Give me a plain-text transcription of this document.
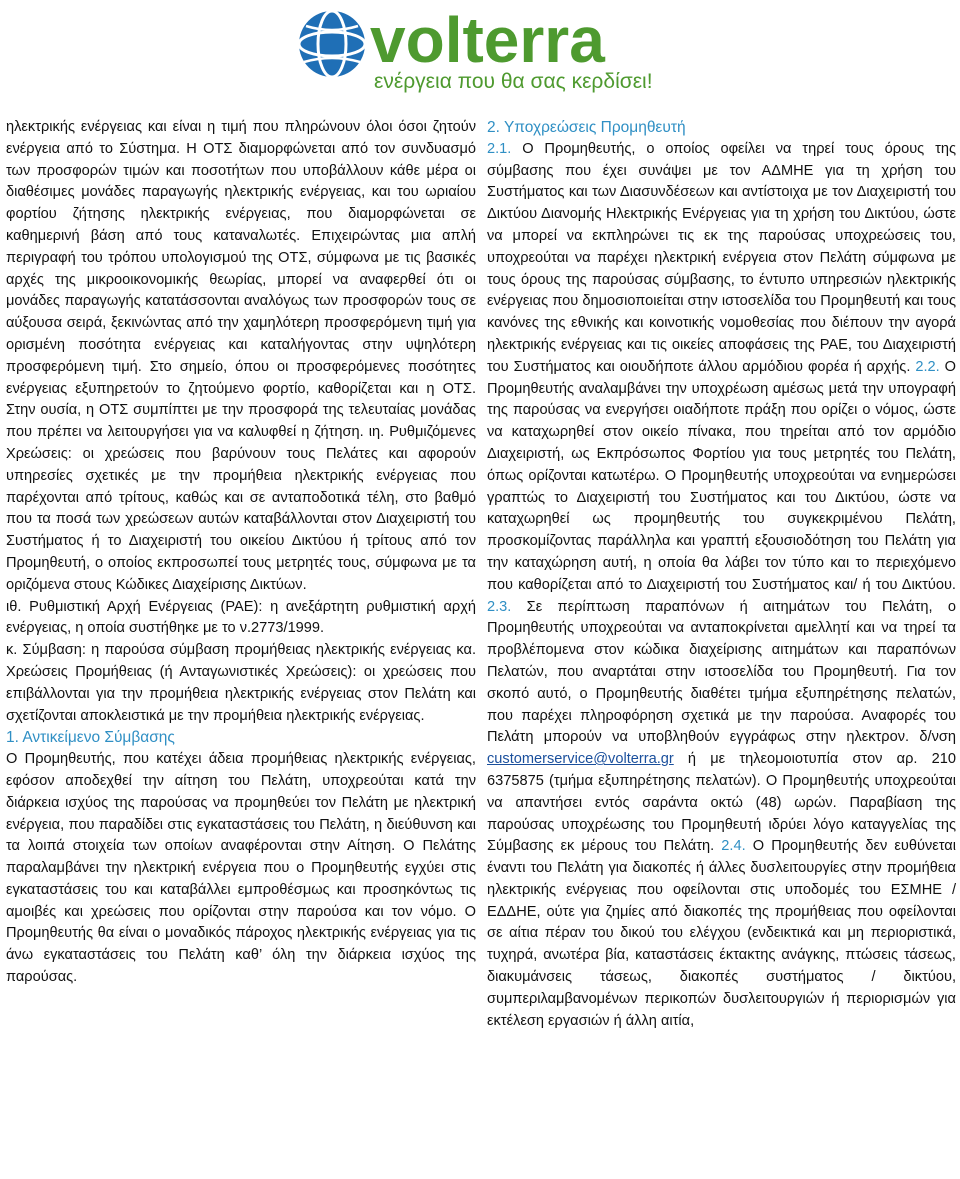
volterra
ενέργεια που θα σας κερδίσει!

ηλεκτρικής ενέργειας και είναι η τιμή που πληρώνουν όλοι όσοι ζητούν ενέργεια από το Σύστημα. Η ΟΤΣ διαμορφώνεται από τον συνδυασμό των προσφορών τιμών και ποσοτήτων που υποβάλλουν κάθε μέρα οι διαθέσιμες μονάδες παραγωγής ηλεκτρικής ενέργειας, και του ωριαίου φορτίου ζήτησης ηλεκτρικής ενέργειας, που διαμορφώνεται σε καθημερινή βάση από τους καταναλωτές. Επιχειρώντας μια απλή περιγραφή του τρόπου υπολογισμού της ΟΤΣ, σύμφωνα με τις βασικές αρχές της μικροοικονομικής θεωρίας, μπορεί να αναφερθεί ότι οι μονάδες παραγωγής κατατάσσονται αναλόγως των προσφορών τους σε αύξουσα σειρά, ξεκινώντας από την χαμηλότερη προσφερόμενη τιμή για ορισμένη ποσότητα ενέργειας και καταλήγοντας στην υψηλότερη προσφερόμενη τιμή. Στο σημείο, όπου οι προσφερόμενες ποσότητες ενέργειας εξυπηρετούν το ζητούμενο φορτίο, καθορίζεται και η ΟΤΣ. Στην ουσία, η ΟΤΣ συμπίπτει με την προσφορά της τελευταίας μονάδας που πρέπει να λειτουργήσει για να καλυφθεί η ζήτηση. ιη. Ρυθμιζόμενες Χρεώσεις: οι χρεώσεις που βαρύνουν τους Πελάτες και αφορούν υπηρεσίες σχετικές με την προμήθεια ηλεκτρικής ενέργειας που παρέχονται από τρίτους, καθώς και σε ανταποδοτικά τέλη, στο βαθμό που τα ποσά των χρεώσεων αυτών καταβάλλονται στον Διαχειριστή του Συστήματος ή το Διαχειριστή του οικείου Δικτύου ή τρίτους από τον Προμηθευτή, ο οποίος εκπροσωπεί τους μετρητές τους, σύμφωνα με τα οριζόμενα στους Κώδικες Διαχείρισης Δικτύων.

ιθ. Ρυθμιστική Αρχή Ενέργειας (ΡΑΕ): η ανεξάρτητη ρυθμιστική αρχή ενέργειας, η οποία συστήθηκε με το ν.2773/1999.

κ. Σύμβαση: η παρούσα σύμβαση προμήθειας ηλεκτρικής ενέργειας κα. Χρεώσεις Προμήθειας (ή Ανταγωνιστικές Χρεώσεις): οι χρεώσεις που επιβάλλονται για την προμήθεια ηλεκτρικής ενέργειας στον Πελάτη και σχετίζονται αποκλειστικά με την προμήθεια ηλεκτρικής ενέργειας.

1. Αντικείμενο Σύμβασης

Ο Προμηθευτής, που κατέχει άδεια προμήθειας ηλεκτρικής ενέργειας, εφόσον αποδεχθεί την αίτηση του Πελάτη, υποχρεούται κατά την διάρκεια ισχύος της παρούσας να προμηθεύει τον Πελάτη με ηλεκτρική ενέργεια, που παραδίδει στις εγκαταστάσεις του Πελάτη, η διεύθυνση και τα λοιπά στοιχεία των οποίων αναφέρονται στην Αίτηση. Ο Πελάτης παραλαμβάνει την ηλεκτρική ενέργεια που ο Προμηθευτής εγχύει στις εγκαταστάσεις του και καταβάλλει εμπροθέσμως και προσηκόντως τις αμοιβές και χρεώσεις που ορίζονται στην παρούσα και τον νόμο. Ο Προμηθευτής θα είναι ο μοναδικός πάροχος ηλεκτρικής ενέργειας για τις άνω εγκαταστάσεις του Πελάτη καθ’ όλη την διάρκεια ισχύος της παρούσας.

2. Υποχρεώσεις Προμηθευτή

2.1. Ο Προμηθευτής, ο οποίος οφείλει να τηρεί τους όρους της σύμβασης που έχει συνάψει με τον ΑΔΜΗΕ για τη χρήση του Συστήματος και των Διασυνδέσεων και αντίστοιχα με τον Διαχειριστή του Δικτύου Διανομής Ηλεκτρικής Ενέργειας για τη χρήση του Δικτύου, ώστε να μπορεί να εκπληρώνει τις εκ της παρούσας υποχρεώσεις του, υποχρεούται να παρέχει ηλεκτρική ενέργεια στον Πελάτη σύμφωνα με τους όρους της παρούσας σύμβασης, το έντυπο υπηρεσιών ηλεκτρικής ενέργειας που δημοσιοποιείται στην ιστοσελίδα του Προμηθευτή και τους κανόνες της εθνικής και κοινοτικής νομοθεσίας που διέπουν την αγορά ηλεκτρικής ενέργειας και τις οικείες αποφάσεις της ΡΑΕ, του Διαχειριστή του Συστήματος και οιουδήποτε άλλου αρμόδιου φορέα ή αρχής. 2.2. Ο Προμηθευτής αναλαμβάνει την υποχρέωση αμέσως μετά την υπογραφή της παρούσας να ενεργήσει οιαδήποτε πράξη που ορίζει ο νόμος, ώστε να καταχωρηθεί στον οικείο πίνακα, που τηρείται από τον αρμόδιο Διαχειριστή, ως Εκπρόσωπος Φορτίου για τους μετρητές του Πελάτη, όπως ορίζονται κατωτέρω. Ο Προμηθευτής υποχρεούται να ενημερώσει γραπτώς το Διαχειριστή του Συστήματος και του Δικτύου, ώστε να καταχωρηθεί ως προμηθευτής του συγκεκριμένου Πελάτη, προσκομίζοντας παράλληλα και γραπτή εξουσιοδότηση του Πελάτη για την καταχώρηση αυτή, η οποία θα λάβει τον τύπο και το περιεχόμενο που καθορίζεται από το Διαχειριστή του Συστήματος και/ ή του Δικτύου. 2.3. Σε περίπτωση παραπόνων ή αιτημάτων του Πελάτη, ο Προμηθευτής υποχρεούται να ανταποκρίνεται αμελλητί και να τηρεί τα προβλέπομενα στον κώδικα διαχείρισης αιτημάτων και παραπόνων Πελατών, που αναρτάται στην ιστοσελίδα του Προμηθευτή. Για τον σκοπό αυτό, ο Προμηθευτής διαθέτει τμήμα εξυπηρέτησης πελατών, που παρέχει πληροφόρηση σχετικά με την παρούσα. Αναφορές του Πελάτη μπορούν να υποβληθούν εγγράφως στην ηλεκτρον. δ/νση customerservice@volterra.gr ή με τηλεομοιοτυπία στον αρ. 210 6375875 (τμήμα εξυπηρέτησης πελατών). Ο Προμηθευτής υποχρεούται να απαντήσει εντός σαράντα οκτώ (48) ωρών. Παραβίαση της παρούσας υποχρέωσης του Προμηθευτή ιδρύει λόγο καταγγελίας της Σύμβασης εκ μέρους του Πελάτη. 2.4. Ο Προμηθευτής δεν ευθύνεται έναντι του Πελάτη για διακοπές ή άλλες δυσλειτουργίες στην προμήθεια ηλεκτρικής ενέργειας που οφείλονται στις υποδομές του ΕΣΜΗΕ / ΕΔΔΗΕ, ούτε για ζημίες από διακοπές της προμήθειας που οφείλονται σε αίτια πέραν του δικού του ελέγχου (ενδεικτικά και μη περιοριστικά, τυχηρά, ανωτέρα βία, καταστάσεις έκτακτης ανάγκης, πτώσεις τάσεως, διακυμάνσεις τάσεως, διακοπές συστήματος / δικτύου, συμπεριλαμβανομένων περικοπών δυσλειτουργιών ή περιορισμών για εκτέλεση εργασιών ή άλλη αιτία,
